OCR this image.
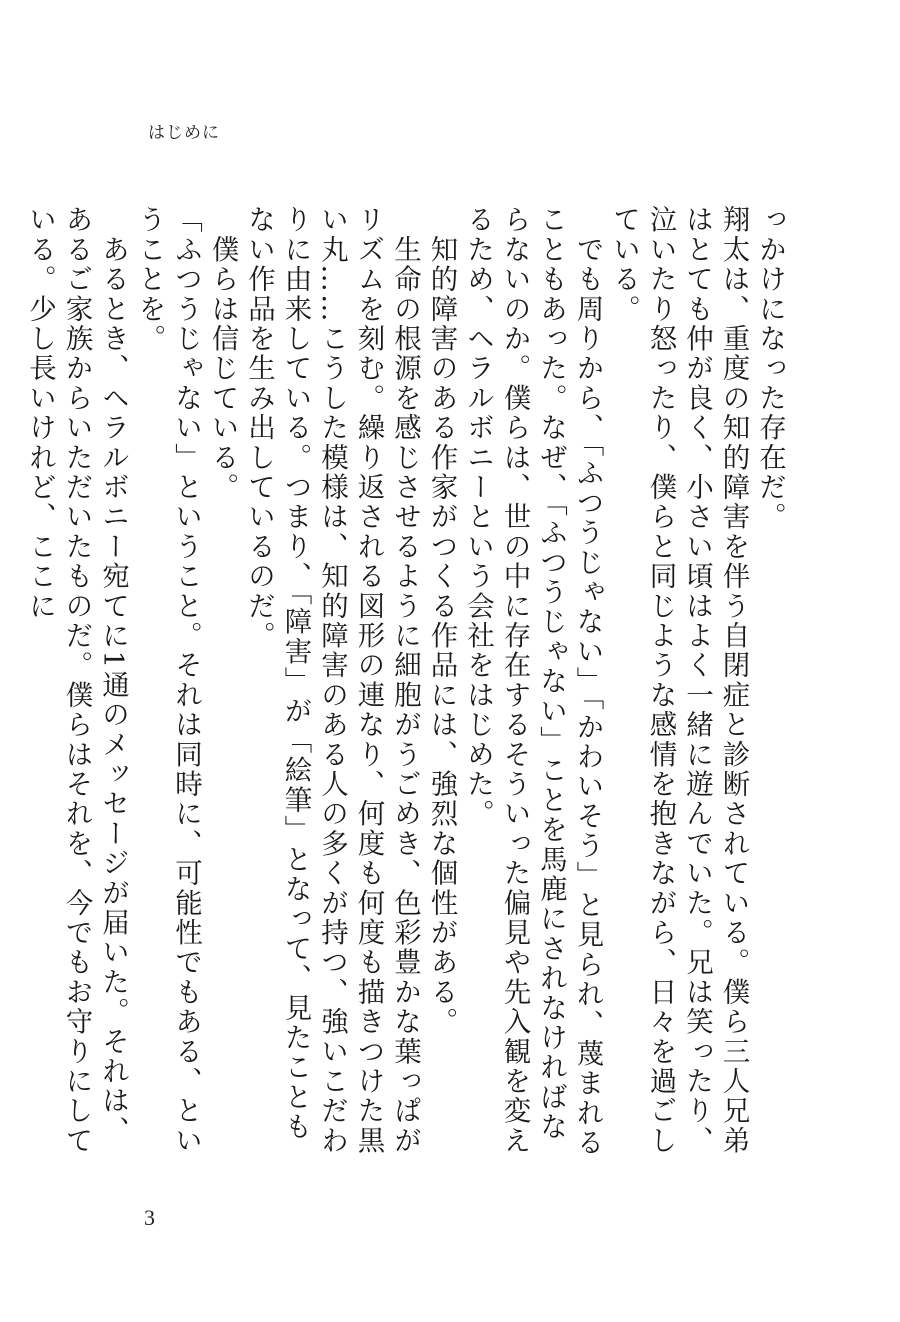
はじめに

っかけになった存在だ。

翔太は、重度の知的障害を伴う自閉症と診断されている。僕ら三人兄弟はとても仲が良く、小さい頃はよく一緒に遊んでいた。兄は笑ったり、泣いたり怒ったり、僕らと同じような感情を抱きながら、日々を過ごしている。

　でも周りから、「ふつうじゃない」「かわいそう」と見られ、蔑まれることもあった。なぜ、「ふつうじゃない」ことを馬鹿にされなければならないのか。僕らは、世の中に存在するそういった偏見や先入観を変えるため、ヘラルボニーという会社をはじめた。

　知的障害のある作家がつくる作品には、強烈な個性がある。

　生命の根源を感じさせるように細胞がうごめき、色彩豊かな葉っぱがリズムを刻む。繰り返される図形の連なり、何度も何度も描きつけた黒い丸……こうした模様は、知的障害のある人の多くが持つ、強いこだわりに由来している。つまり、「障害」が「絵筆」となって、見たこともない作品を生み出しているのだ。

　僕らは信じている。

「ふつうじゃない」ということ。それは同時に、可能性でもある、ということを。

　あるとき、ヘラルボニー宛てに1通のメッセージが届いた。それは、あるご家族からいただいたものだ。僕らはそれを、今でもお守りにしている。少し長いけれど、ここに

3
